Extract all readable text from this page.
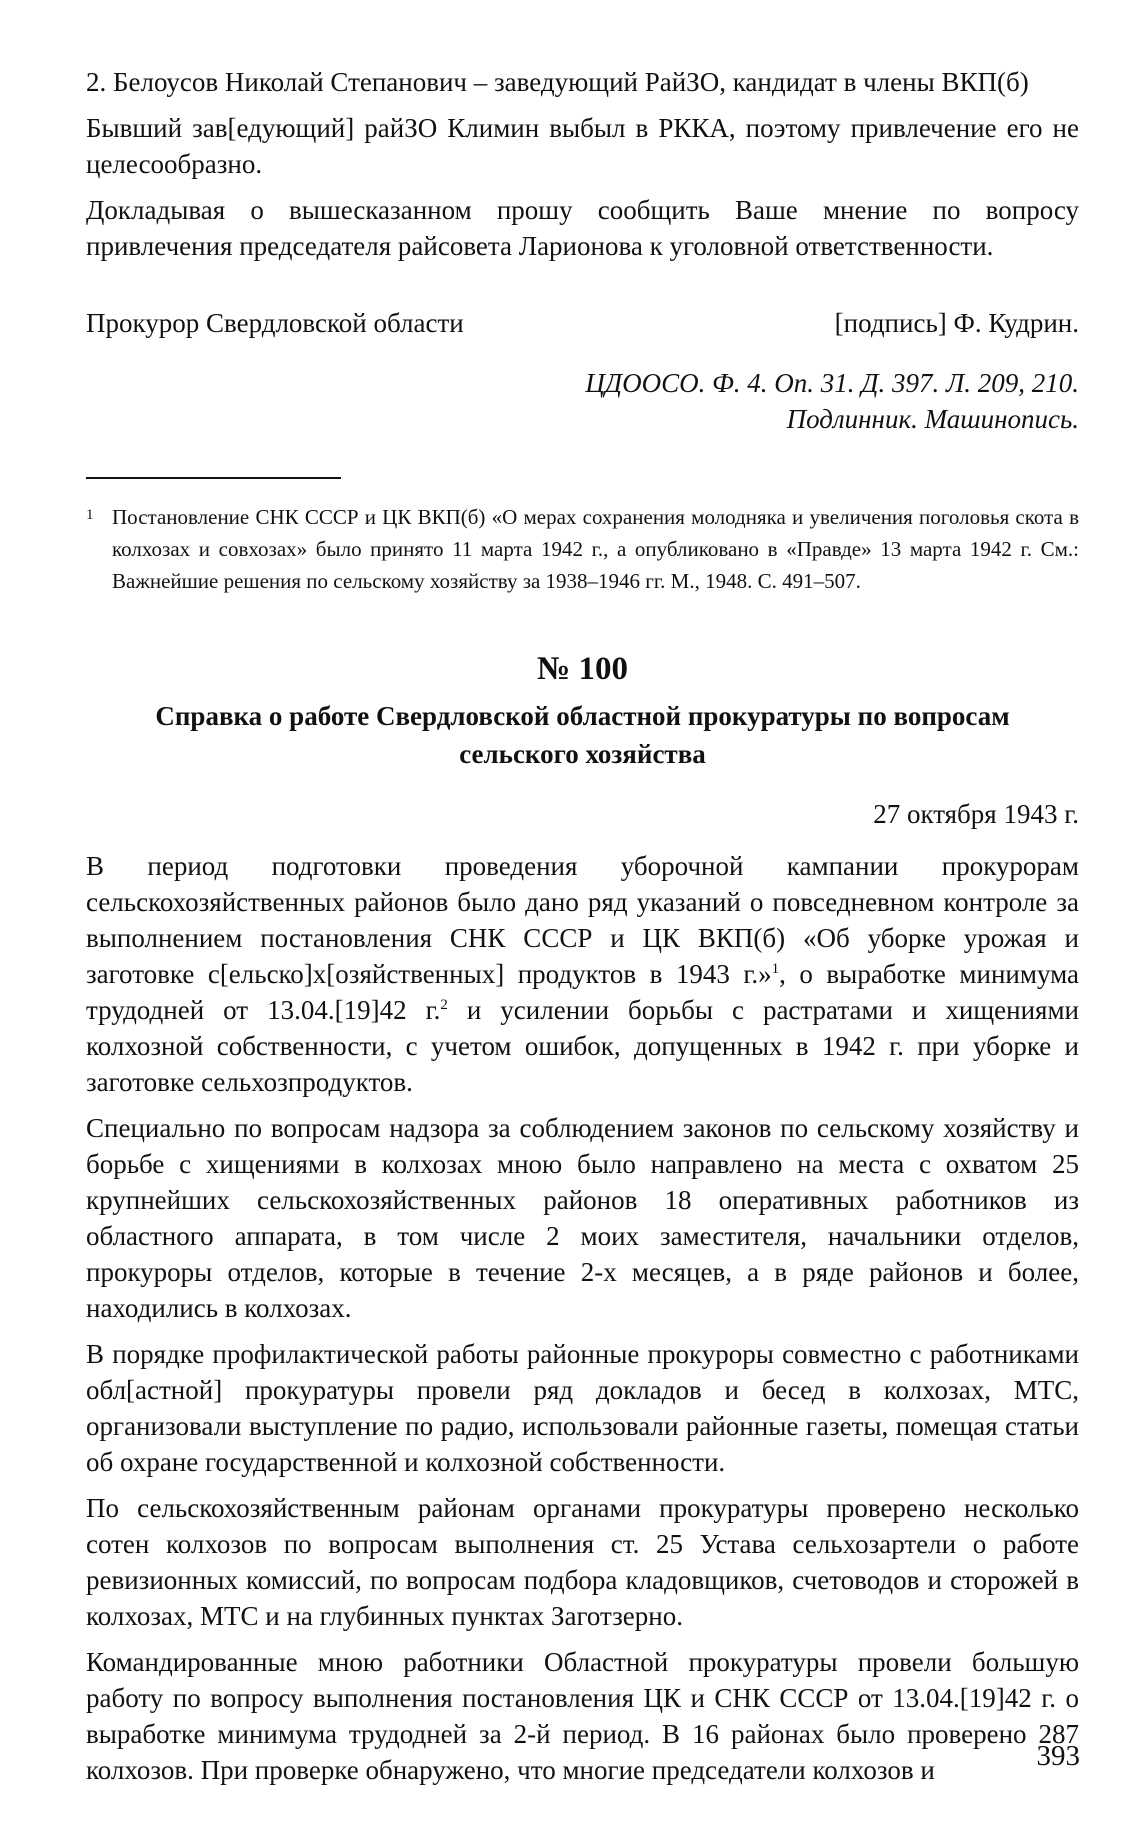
2. Белоусов Николай Степанович – заведующий РайЗО, кандидат в члены ВКП(б)

Бывший зав[едующий] райЗО Климин выбыл в РККА, поэтому привлечение его не целесообразно.

Докладывая о вышесказанном прошу сообщить Ваше мнение по вопросу привлечения председателя райсовета Ларионова к уголовной ответственности.

Прокурор Свердловской области	[подпись] Ф. Кудрин.
ЦДООСО. Ф. 4. Оп. 31. Д. 397. Л. 209, 210.
Подлинник. Машинопись.
1 Постановление СНК СССР и ЦК ВКП(б) «О мерах сохранения молодняка и увеличения поголовья скота в колхозах и совхозах» было принято 11 марта 1942 г., а опубликовано в «Правде» 13 марта 1942 г. См.: Важнейшие решения по сельскому хозяйству за 1938–1946 гг. М., 1948. С. 491–507.
№ 100
Справка о работе Свердловской областной прокуратуры по вопросам
сельского хозяйства
27 октября 1943 г.

В период подготовки проведения уборочной кампании прокурорам сельскохозяйственных районов было дано ряд указаний о повседневном контроле за выполнением постановления СНК СССР и ЦК ВКП(б) «Об уборке урожая и заготовке с[ельско]х[озяйственных] продуктов в 1943 г.»$^1$, о выработке минимума трудодней от 13.04.[19]42 г.$^2$ и усилении борьбы с растратами и хищениями колхозной собственности, с учетом ошибок, допущенных в 1942 г. при уборке и заготовке сельхозпродуктов.

Специально по вопросам надзора за соблюдением законов по сельскому хозяйству и борьбе с хищениями в колхозах мною было направлено на места с охватом 25 крупнейших сельскохозяйственных районов 18 оперативных работников из областного аппарата, в том числе 2 моих заместителя, начальники отделов, прокуроры отделов, которые в течение 2-х месяцев, а в ряде районов и более, находились в колхозах.

В порядке профилактической работы районные прокуроры совместно с работниками обл[астной] прокуратуры провели ряд докладов и бесед в колхозах, МТС, организовали выступление по радио, использовали районные газеты, помещая статьи об охране государственной и колхозной собственности.

По сельскохозяйственным районам органами прокуратуры проверено несколько сотен колхозов по вопросам выполнения ст. 25 Устава сельхозартели о работе ревизионных комиссий, по вопросам подбора кладовщиков, счетоводов и сторожей в колхозах, МТС и на глубинных пунктах Заготзерно.

Командированные мною работники Областной прокуратуры провели большую работу по вопросу выполнения постановления ЦК и СНК СССР от 13.04.[19]42 г. о выработке минимума трудодней за 2-й период. В 16 районах было проверено 287 колхозов. При проверке обнаружено, что многие председатели колхозов и	393
